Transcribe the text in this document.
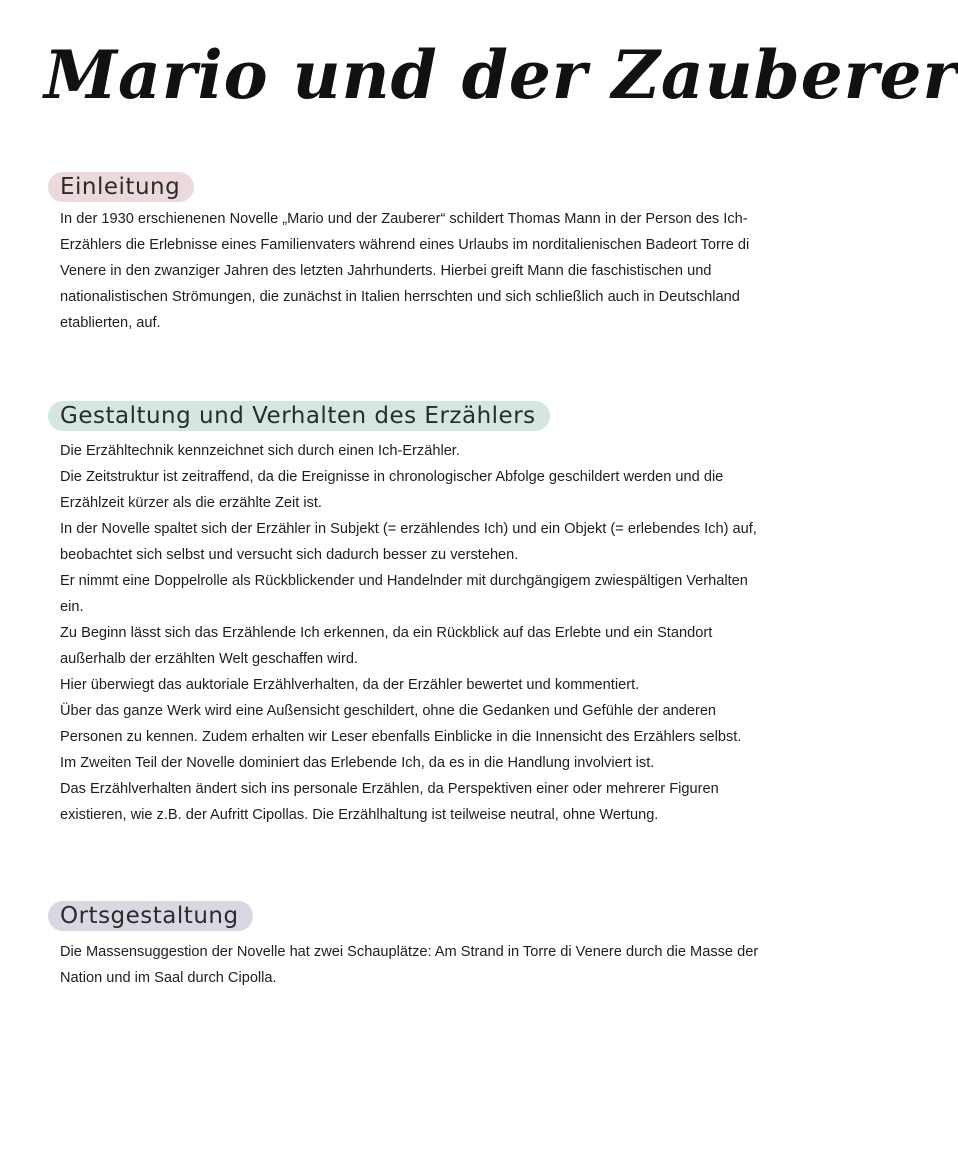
Mario und der Zauberer
Einleitung

In der 1930 erschienenen Novelle „Mario und der Zauberer“ schildert Thomas Mann in der Person des Ich-Erzählers die Erlebnisse eines Familienvaters während eines Urlaubs im norditalienischen Badeort Torre di Venere in den zwanziger Jahren des letzten Jahrhunderts. Hierbei greift Mann die faschistischen und nationalistischen Strömungen, die zunächst in Italien herrschten und sich schließlich auch in Deutschland etablierten, auf.

Gestaltung und Verhalten des Erzählers

Die Erzähltechnik kennzeichnet sich durch einen Ich-Erzähler.

Die Zeitstruktur ist zeitraffend, da die Ereignisse in chronologischer Abfolge geschildert werden und die Erzählzeit kürzer als die erzählte Zeit ist.

In der Novelle spaltet sich der Erzähler in Subjekt (= erzählendes Ich) und ein Objekt (= erlebendes Ich) auf, beobachtet sich selbst und versucht sich dadurch besser zu verstehen.

Er nimmt eine Doppelrolle als Rückblickender und Handelnder mit durchgängigem zwiespältigen Verhalten ein.

Zu Beginn lässt sich das Erzählende Ich erkennen, da ein Rückblick auf das Erlebte und ein Standort außerhalb der erzählten Welt geschaffen wird.

Hier überwiegt das auktoriale Erzählverhalten, da der Erzähler bewertet und kommentiert.

Über das ganze Werk wird eine Außensicht geschildert, ohne die Gedanken und Gefühle der anderen Personen zu kennen. Zudem erhalten wir Leser ebenfalls Einblicke in die Innensicht des Erzählers selbst.

Im Zweiten Teil der Novelle dominiert das Erlebende Ich, da es in die Handlung involviert ist.

Das Erzählverhalten ändert sich ins personale Erzählen, da Perspektiven einer oder mehrerer Figuren existieren, wie z.B. der Aufritt Cipollas. Die Erzählhaltung ist teilweise neutral, ohne Wertung.

Ortsgestaltung

Die Massensuggestion der Novelle hat zwei Schauplätze: Am Strand in Torre di Venere durch die Masse der Nation und im Saal durch Cipolla.
